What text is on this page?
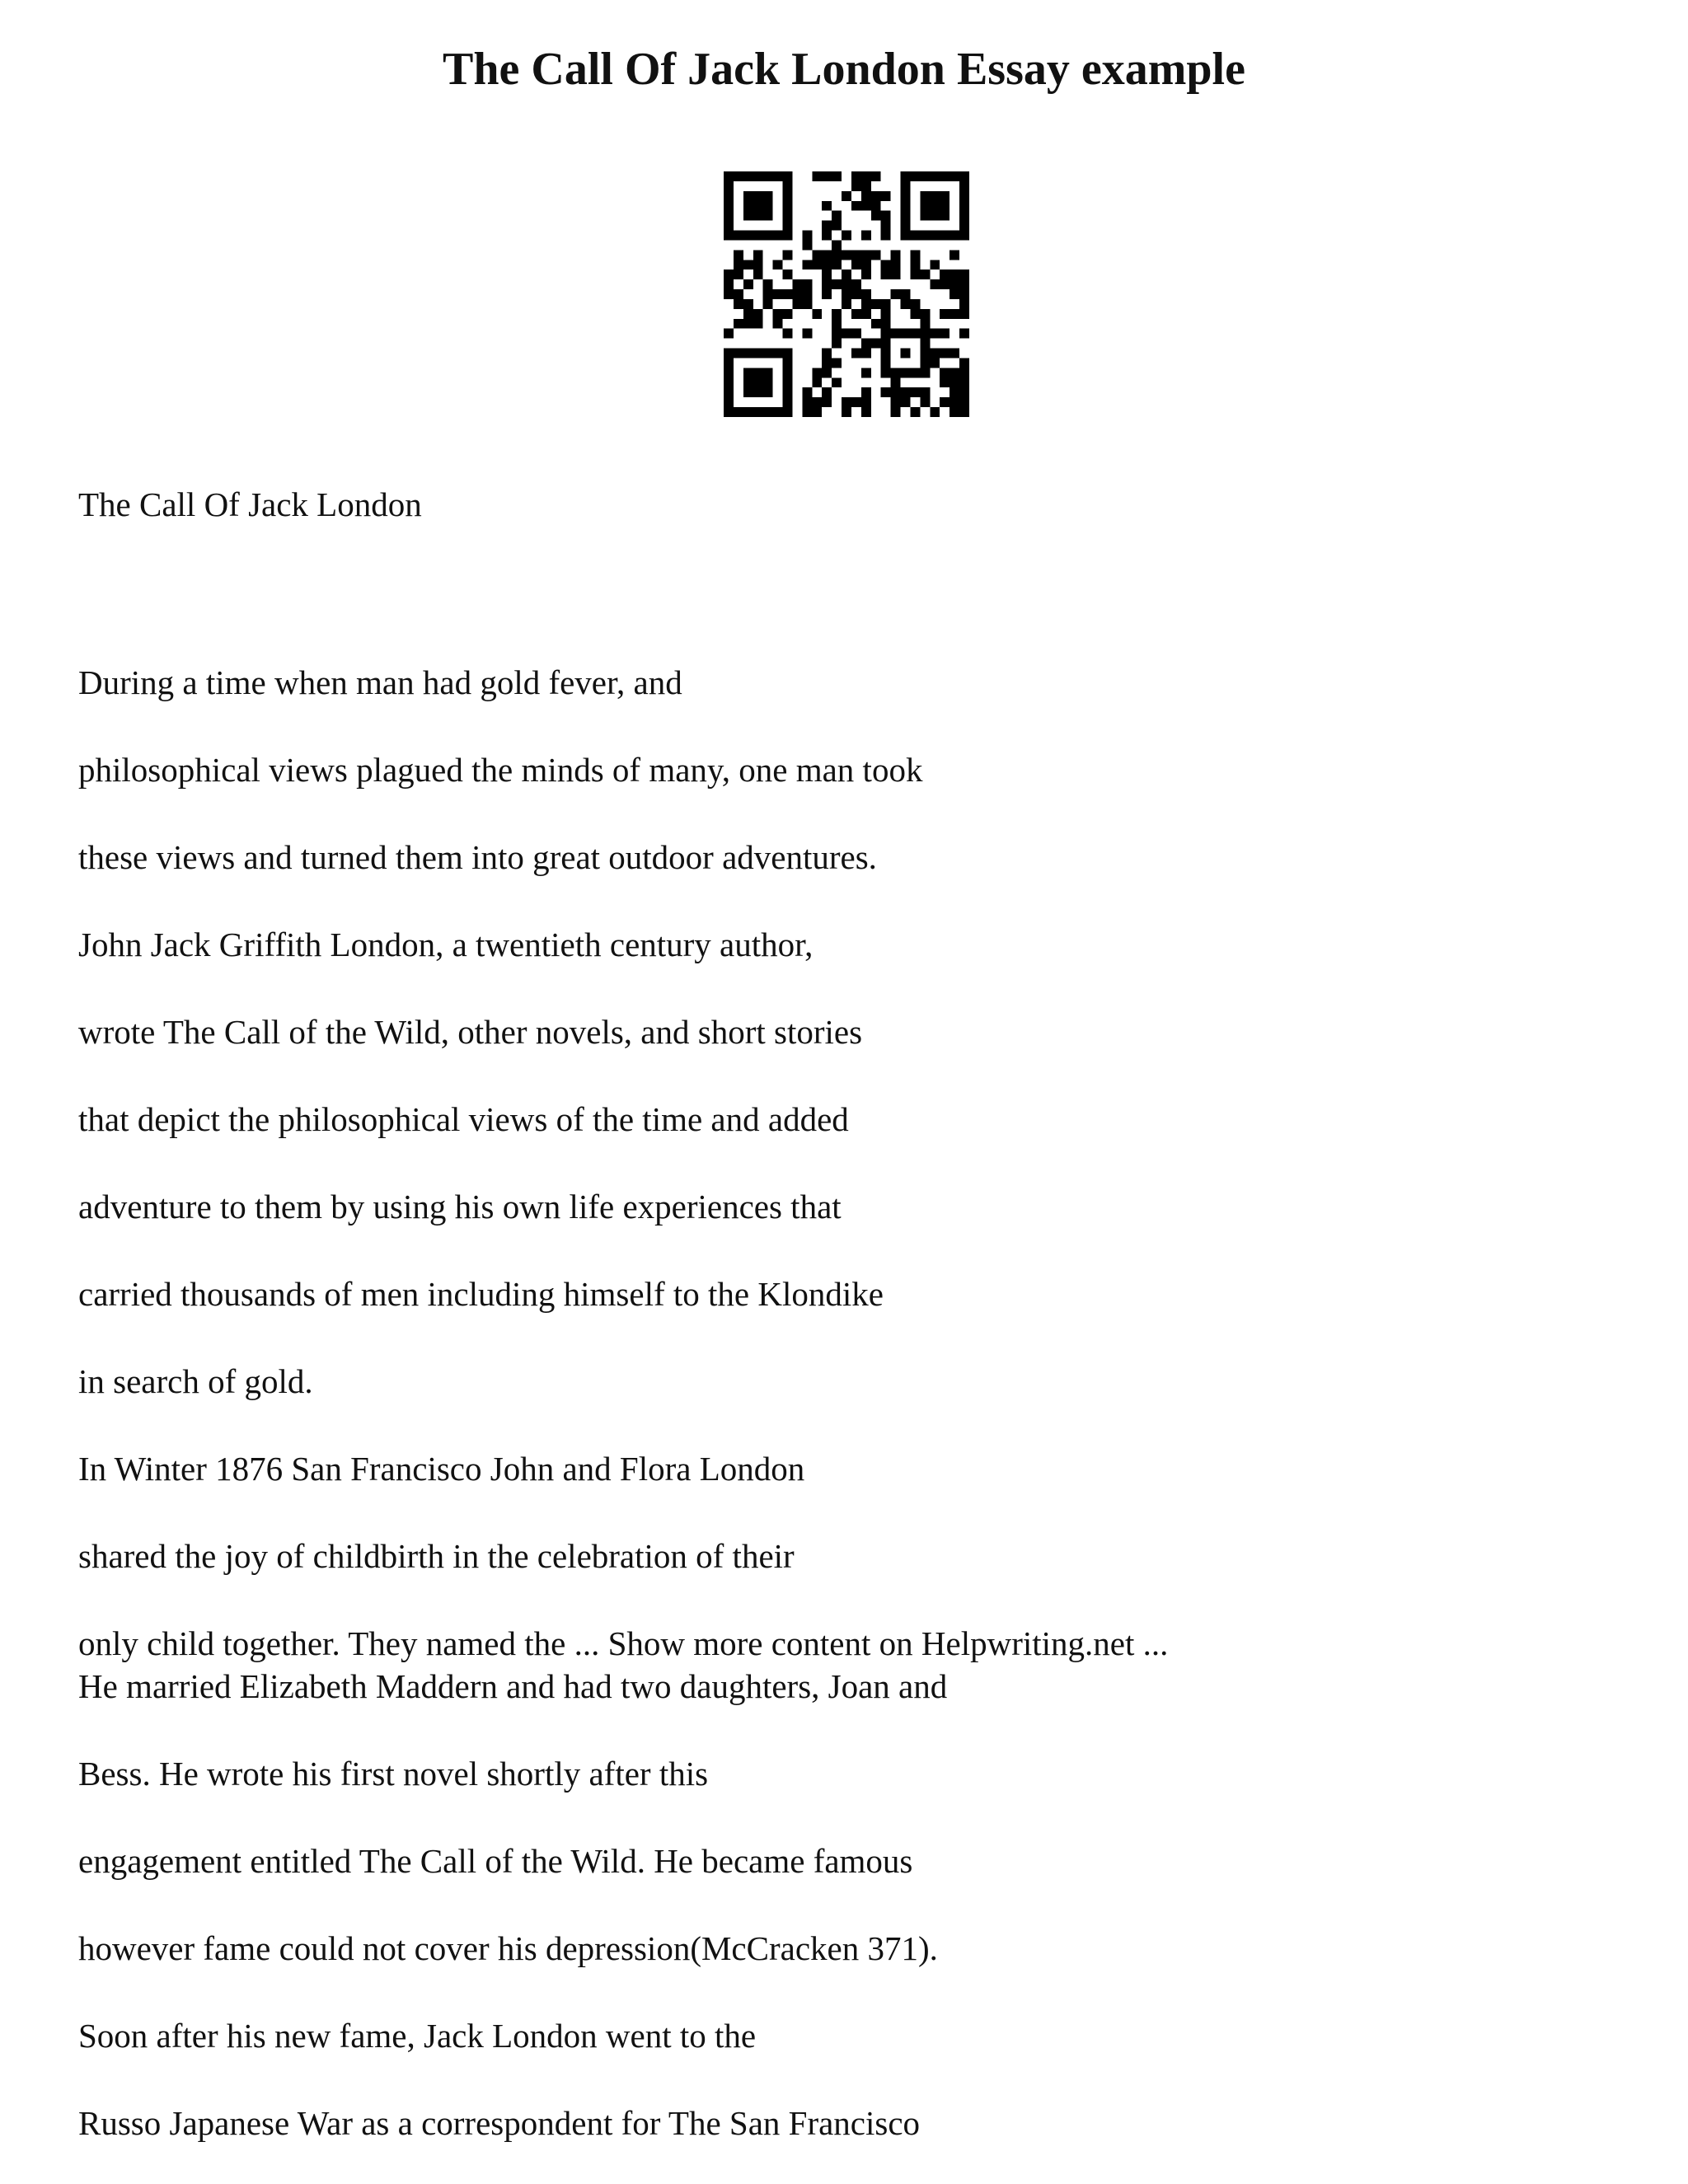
The Call Of Jack London Essay example
The Call Of Jack London
During a time when man had gold fever, and
philosophical views plagued the minds of many, one man took
these views and turned them into great outdoor adventures.
John Jack Griffith London, a twentieth century author,
wrote The Call of the Wild, other novels, and short stories
that depict the philosophical views of the time and added
adventure to them by using his own life experiences that
carried thousands of men including himself to the Klondike
in search of gold.
In Winter 1876 San Francisco John and Flora London
shared the joy of childbirth in the celebration of their
only child together. They named the ... Show more content on Helpwriting.net ...
He married Elizabeth Maddern and had two daughters, Joan and
Bess. He wrote his first novel shortly after this
engagement entitled The Call of the Wild. He became famous
however fame could not cover his depression(McCracken 371).
Soon after his new fame, Jack London went to the
Russo Japanese War as a correspondent for The San Francisco
